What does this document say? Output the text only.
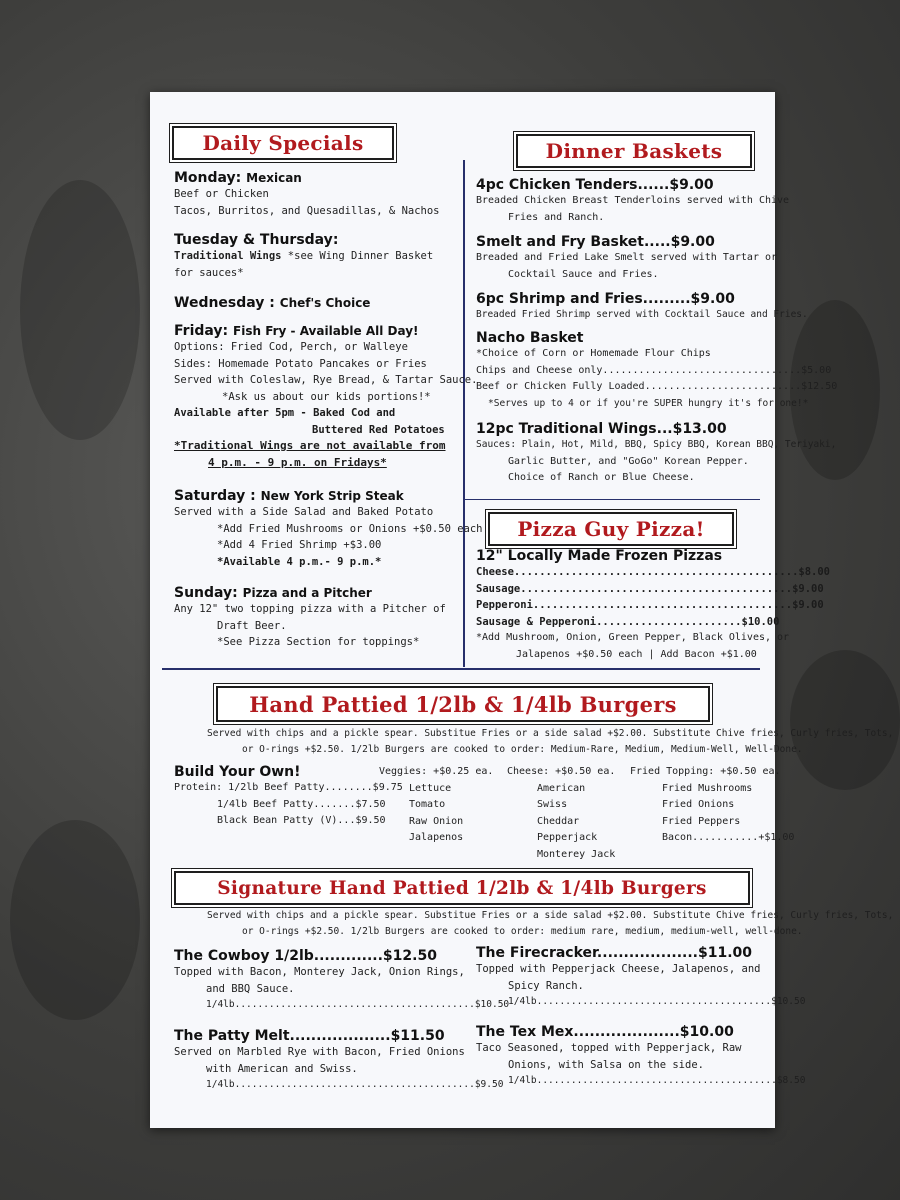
Daily Specials
Monday: Mexican
Beef or Chicken
Tacos, Burritos, and Quesadillas, & Nachos
Tuesday & Thursday:
Traditional Wings *see Wing Dinner Basket
for sauces*
Wednesday : Chef's Choice
Friday: Fish Fry - Available All Day!
Options: Fried Cod, Perch, or Walleye
Sides: Homemade Potato Pancakes or Fries
Served with Coleslaw, Rye Bread, & Tartar Sauce.
*Ask us about our kids portions!*
Available after 5pm - Baked Cod and
Buttered Red Potatoes
*Traditional Wings are not available from
4 p.m. - 9 p.m. on Fridays*
Saturday : New York Strip Steak
Served with a Side Salad and Baked Potato
*Add Fried Mushrooms or Onions +$0.50 each
*Add 4 Fried Shrimp +$3.00
*Available 4 p.m.- 9 p.m.*
Sunday: Pizza and a Pitcher
Any 12" two topping pizza with a Pitcher of
Draft Beer.
*See Pizza Section for toppings*
Dinner Baskets
4pc Chicken Tenders......$9.00
Breaded Chicken Breast Tenderloins served with Chive
Fries and Ranch.
Smelt and Fry Basket.....$9.00
Breaded and Fried Lake Smelt served with Tartar or
Cocktail Sauce and Fries.
6pc Shrimp and Fries.........$9.00
Breaded Fried Shrimp served with Cocktail Sauce and Fries.
Nacho Basket
*Choice of Corn or Homemade Flour Chips
Chips and Cheese only.................................$5.00
Beef or Chicken Fully Loaded..........................$12.50
*Serves up to 4 or if you're SUPER hungry it's for one!*
12pc Traditional Wings...$13.00
Sauces: Plain, Hot, Mild, BBQ, Spicy BBQ, Korean BBQ, Teriyaki,
Garlic Butter, and "GoGo" Korean Pepper.
Choice of Ranch or Blue Cheese.
Pizza Guy Pizza!
12" Locally Made Frozen Pizzas
Cheese.............................................$8.00
Sausage...........................................$9.00
Pepperoni.........................................$9.00
Sausage & Pepperoni.......................$10.00
*Add Mushroom, Onion, Green Pepper, Black Olives, or
Jalapenos +$0.50 each | Add Bacon +$1.00
Hand Pattied 1/2lb & 1/4lb Burgers
Served with chips and a pickle spear. Substitue Fries or a side salad +$2.00. Substitute Chive fries, Curly fries, Tots,
or O-rings +$2.50. 1/2lb Burgers are cooked to order: Medium-Rare, Medium, Medium-Well, Well-Done.
Build Your Own!
Protein: 1/2lb Beef Patty........$9.75
1/4lb Beef Patty.......$7.50
Black Bean Patty (V)...$9.50
Veggies: +$0.25 ea.
Lettuce
Tomato
Raw Onion
Jalapenos
Cheese: +$0.50 ea.
American
Swiss
Cheddar
Pepperjack
Monterey Jack
Fried Topping: +$0.50 ea.
Fried Mushrooms
Fried Onions
Fried Peppers
Bacon...........+$1.00
Signature Hand Pattied 1/2lb & 1/4lb Burgers
Served with chips and a pickle spear. Substitue Fries or a side salad +$2.00. Substitute Chive fries, Curly fries, Tots,
or O-rings +$2.50. 1/2lb Burgers are cooked to order: medium rare, medium, medium-well, well-done.
The Cowboy 1/2lb.............$12.50
Topped with Bacon, Monterey Jack, Onion Rings,
and BBQ Sauce.
1/4lb..........................................$10.50
The Patty Melt...................$11.50
Served on Marbled Rye with Bacon, Fried Onions
with American and Swiss.
1/4lb..........................................$9.50
The Firecracker...................$11.00
Topped with Pepperjack Cheese, Jalapenos, and
Spicy Ranch.
1/4lb.........................................$10.50
The Tex Mex....................$10.00
Taco Seasoned, topped with Pepperjack, Raw
Onions, with Salsa on the side.
1/4lb..........................................$8.50
